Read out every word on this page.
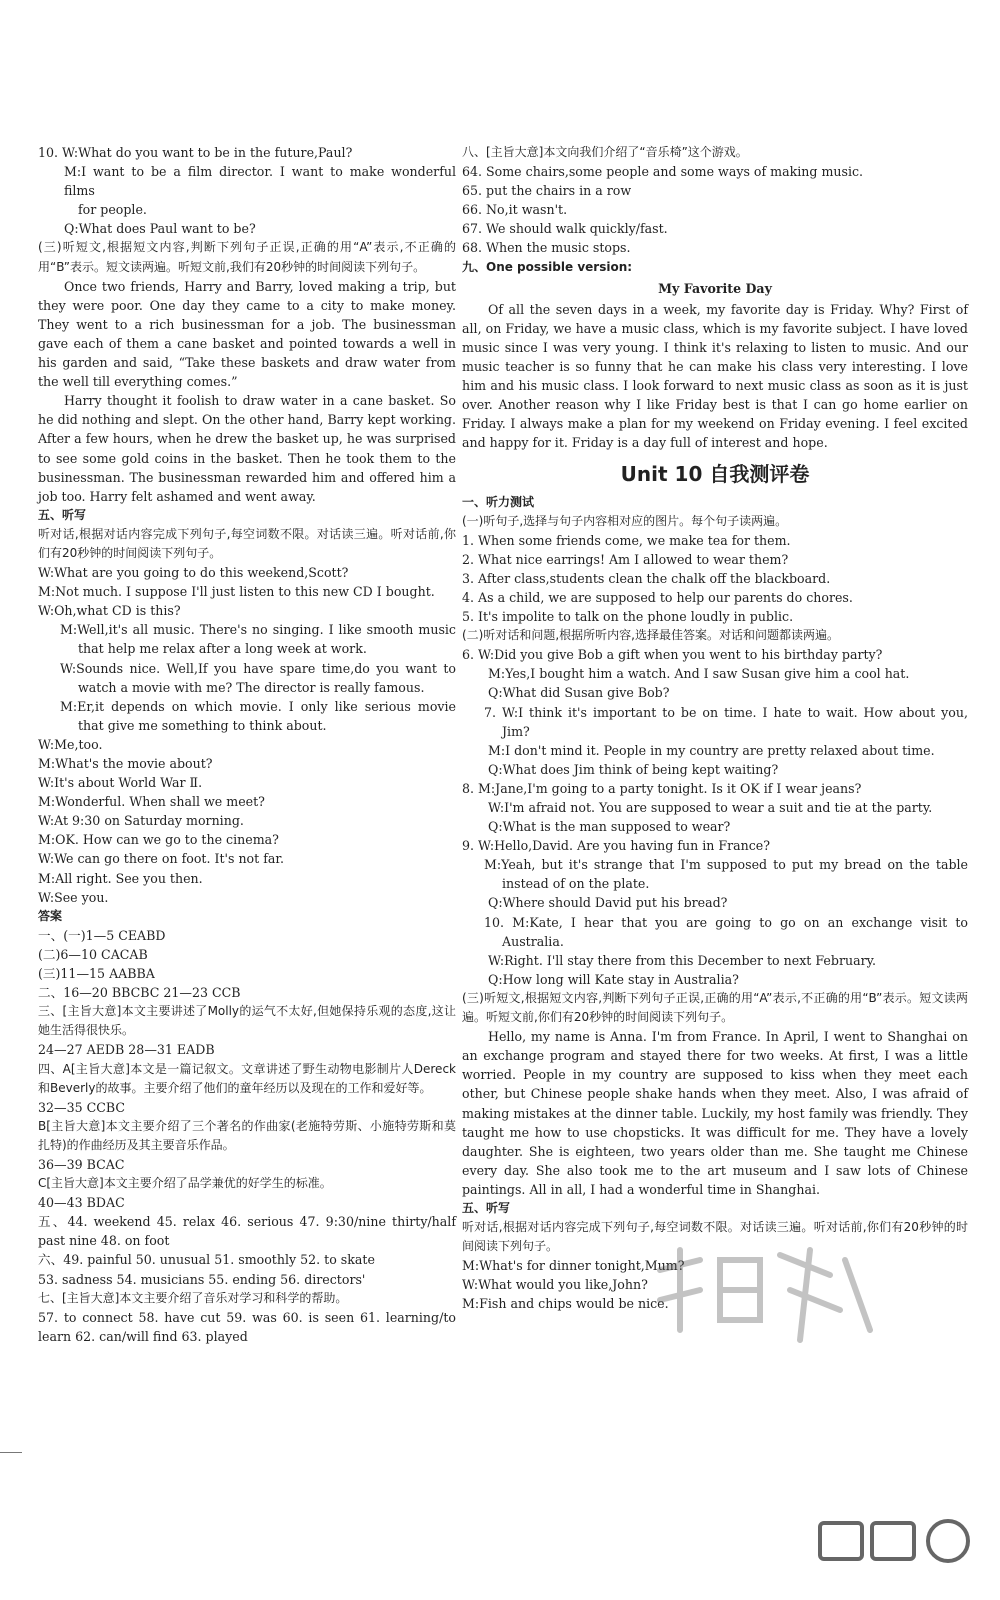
10. W:What do you want to be in the future,Paul?

M:I want to be a film director. I want to make wonderful films

for people.

Q:What does Paul want to be?

(三)听短文,根据短文内容,判断下列句子正误,正确的用“A”表示,不正确的用“B”表示。短文读两遍。听短文前,我们有20秒钟的时间阅读下列句子。

Once two friends, Harry and Barry, loved making a trip, but they were poor. One day they came to a city to make money. They went to a rich businessman for a job. The businessman gave each of them a cane basket and pointed towards a well in his garden and said, “Take these baskets and draw water from the well till everything comes.”

Harry thought it foolish to draw water in a cane basket. So he did nothing and slept. On the other hand, Barry kept working. After a few hours, when he drew the basket up, he was surprised to see some gold coins in the basket. Then he took them to the businessman. The businessman rewarded him and offered him a job too. Harry felt ashamed and went away.

五、听写

听对话,根据对话内容完成下列句子,每空词数不限。对话读三遍。听对话前,你们有20秒钟的时间阅读下列句子。

W:What are you going to do this weekend,Scott?

M:Not much. I suppose I'll just listen to this new CD I bought.

W:Oh,what CD is this?

M:Well,it's all music. There's no singing. I like smooth music that help me relax after a long week at work.

W:Sounds nice. Well,If you have spare time,do you want to watch a movie with me? The director is really famous.

M:Er,it depends on which movie. I only like serious movie that give me something to think about.

W:Me,too.

M:What's the movie about?

W:It's about World War Ⅱ.

M:Wonderful. When shall we meet?

W:At 9:30 on Saturday morning.

M:OK. How can we go to the cinema?

W:We can go there on foot. It's not far.

M:All right. See you then.

W:See you.

答案

一、(一)1—5 CEABD

(二)6—10 CACAB

(三)11—15 AABBA

二、16—20 BBCBC 21—23 CCB

三、[主旨大意]本文主要讲述了Molly的运气不太好,但她保持乐观的态度,这让她生活得很快乐。

24—27 AEDB 28—31 EADB

四、A[主旨大意]本文是一篇记叙文。文章讲述了野生动物电影制片人Dereck和Beverly的故事。主要介绍了他们的童年经历以及现在的工作和爱好等。

32—35 CCBC

B[主旨大意]本文主要介绍了三个著名的作曲家(老施特劳斯、小施特劳斯和莫扎特)的作曲经历及其主要音乐作品。

36—39 BCAC

C[主旨大意]本文主要介绍了品学兼优的好学生的标准。

40—43 BDAC

五、44. weekend 45. relax 46. serious 47. 9:30/nine thirty/half past nine 48. on foot

六、49. painful 50. unusual 51. smoothly 52. to skate

53. sadness 54. musicians 55. ending 56. directors'

七、[主旨大意]本文主要介绍了音乐对学习和科学的帮助。

57. to connect 58. have cut 59. was 60. is seen 61. learning/to learn 62. can/will find 63. played

八、[主旨大意]本文向我们介绍了“音乐椅”这个游戏。

64. Some chairs,some people and some ways of making music.

65. put the chairs in a row

66. No,it wasn't.

67. We should walk quickly/fast.

68. When the music stops.

九、One possible version:

My Favorite Day

Of all the seven days in a week, my favorite day is Friday. Why? First of all, on Friday, we have a music class, which is my favorite subject. I have loved music since I was very young. I think it's relaxing to listen to music. And our music teacher is so funny that he can make his class very interesting. I love him and his music class. I look forward to next music class as soon as it is just over. Another reason why I like Friday best is that I can go home earlier on Friday. I always make a plan for my weekend on Friday evening. I feel excited and happy for it. Friday is a day full of interest and hope.

Unit 10 自我测评卷

一、听力测试

(一)听句子,选择与句子内容相对应的图片。每个句子读两遍。

1. When some friends come, we make tea for them.

2. What nice earrings! Am I allowed to wear them?

3. After class,students clean the chalk off the blackboard.

4. As a child, we are supposed to help our parents do chores.

5. It's impolite to talk on the phone loudly in public.

(二)听对话和问题,根据所听内容,选择最佳答案。对话和问题都读两遍。

6. W:Did you give Bob a gift when you went to his birthday party?

M:Yes,I bought him a watch. And I saw Susan give him a cool hat.

Q:What did Susan give Bob?

7. W:I think it's important to be on time. I hate to wait. How about you, Jim?

M:I don't mind it. People in my country are pretty relaxed about time.

Q:What does Jim think of being kept waiting?

8. M:Jane,I'm going to a party tonight. Is it OK if I wear jeans?

W:I'm afraid not. You are supposed to wear a suit and tie at the party.

Q:What is the man supposed to wear?

9. W:Hello,David. Are you having fun in France?

M:Yeah, but it's strange that I'm supposed to put my bread on the table instead of on the plate.

Q:Where should David put his bread?

10. M:Kate, I hear that you are going to go on an exchange visit to Australia.

W:Right. I'll stay there from this December to next February.

Q:How long will Kate stay in Australia?

(三)听短文,根据短文内容,判断下列句子正误,正确的用“A”表示,不正确的用“B”表示。短文读两遍。听短文前,你们有20秒钟的时间阅读下列句子。

Hello, my name is Anna. I'm from France. In April, I went to Shanghai on an exchange program and stayed there for two weeks. At first, I was a little worried. People in my country are supposed to kiss when they meet each other, but Chinese people shake hands when they meet. Also, I was afraid of making mistakes at the dinner table. Luckily, my host family was friendly. They taught me how to use chopsticks. It was difficult for me. They have a lovely daughter. She is eighteen, two years older than me. She taught me Chinese every day. She also took me to the art museum and I saw lots of Chinese paintings. All in all, I had a wonderful time in Shanghai.

五、听写

听对话,根据对话内容完成下列句子,每空词数不限。对话读三遍。听对话前,你们有20秒钟的时间阅读下列句子。

M:What's for dinner tonight,Mum?

W:What would you like,John?

M:Fish and chips would be nice.
